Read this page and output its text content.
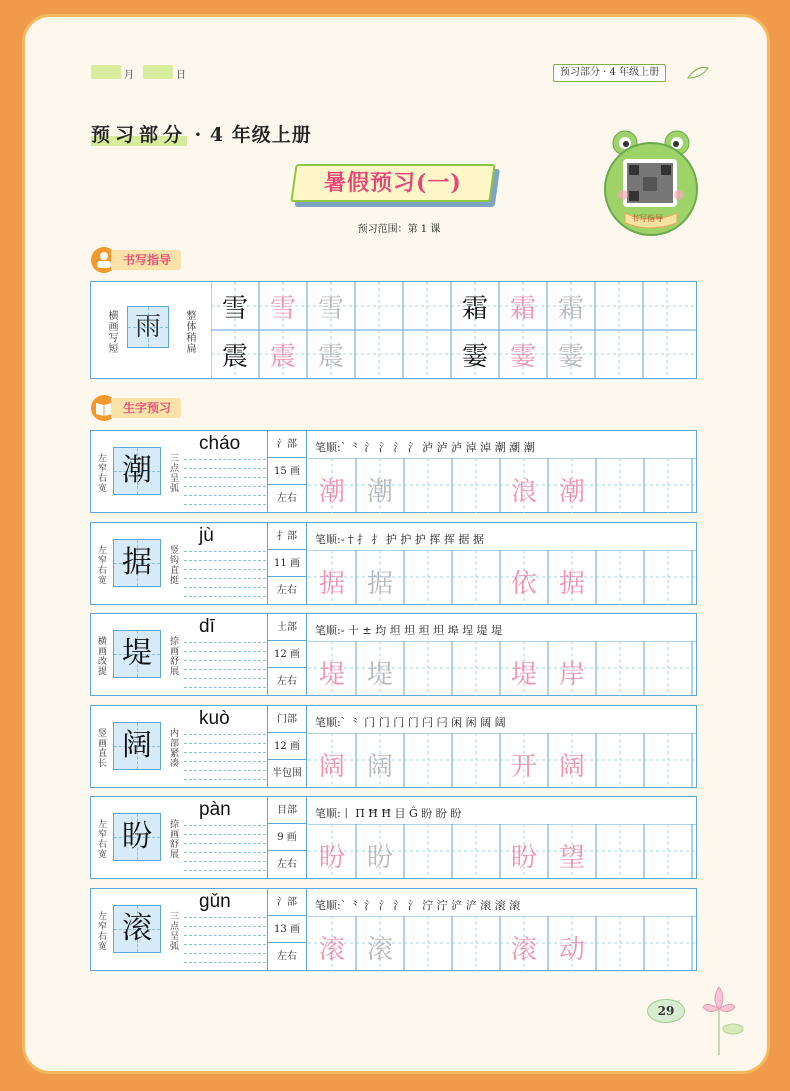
月	日	预习部分 · 4 年级上册
预习部分 · 4 年级上册
暑假预习(一)
预习范围：第 1 课
书写指导
书写指导
横画写短 雨	整体稍扁
雪 雪 雪	霜 霜 霜
震 震 震	霎 霎 霎
生字预习
左窄右宽 潮	三点呈弧
cháo	氵部
15 画
左右
笔顺:` ⺀ 氵 氵 氵 氵 泸 泸 泸 淖 淖 潮 潮 潮
潮 潮	浪 潮
左窄右宽 据	竖钩直挺
jù	扌部
11 画
左右
笔顺:- † 扌 扌 护 护 护 挥 挥 据 据
据 据	依 据
横画改提 堤	捺画舒展
dī	土部
12 画
左右
笔顺:- 十 ± 均 坦 坦 坦 坦 埠 埕 堤 堤
堤 堤	堤 岸
竖画直长 阔	内部紧凑
kuò	门部
12 画
半包围
笔顺:` ⺀ 门 门 门 门 闩 闩 闲 闲 阔 阔
阔 阔	开 阔
左窄右宽 盼	捺画舒展
pàn	目部
9 画
左右
笔顺:丨 Π Ħ Ħ 目 Ĝ 盼 盼 盼
盼 盼	盼 望
左窄右宽 滚	三点呈弧
gǔn	氵部
13 画
左右
笔顺:` ⺀ 氵 氵 氵 氵 泞 泞 浐 浐 滚 滚 滚
滚 滚	滚 动
29
